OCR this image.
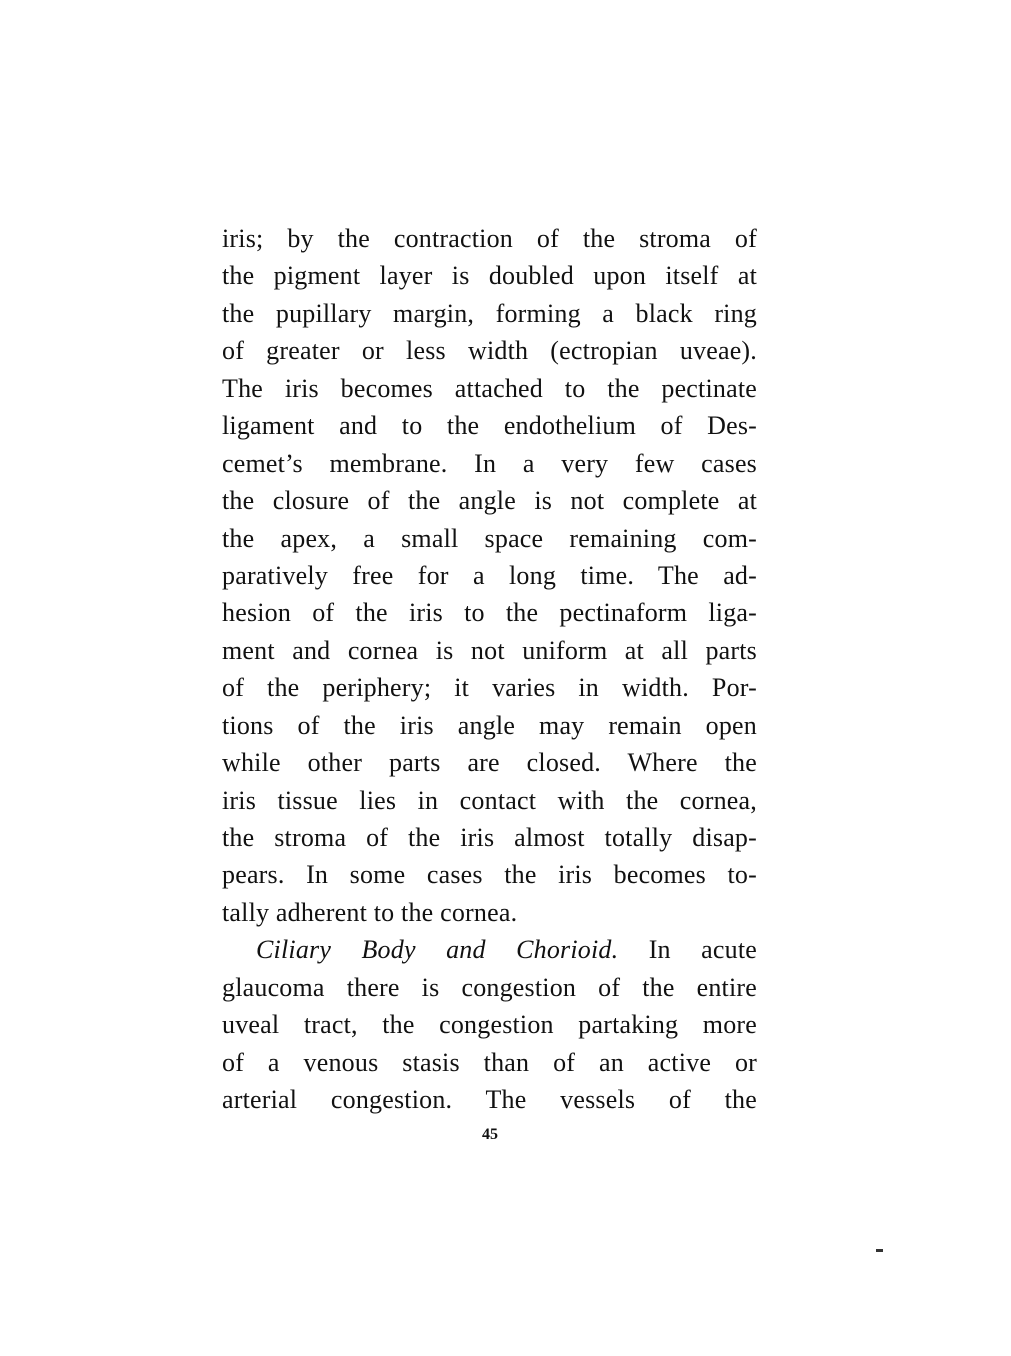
iris; by the contraction of the stroma of
the pigment layer is doubled upon itself at
the pupillary margin, forming a black ring
of greater or less width (ectropian uveae).
The iris becomes attached to the pectinate
ligament and to the endothelium of Des-
cemet’s membrane. In a very few cases
the closure of the angle is not complete at
the apex, a small space remaining com-
paratively free for a long time. The ad-
hesion of the iris to the pectinaform liga-
ment and cornea is not uniform at all parts
of the periphery; it varies in width. Por-
tions of the iris angle may remain open
while other parts are closed. Where the
iris tissue lies in contact with the cornea,
the stroma of the iris almost totally disap-
pears. In some cases the iris becomes to-
tally adherent to the cornea.
Ciliary Body and Chorioid. In acute
glaucoma there is congestion of the entire
uveal tract, the congestion partaking more
of a venous stasis than of an active or
arterial congestion. The vessels of the
45
